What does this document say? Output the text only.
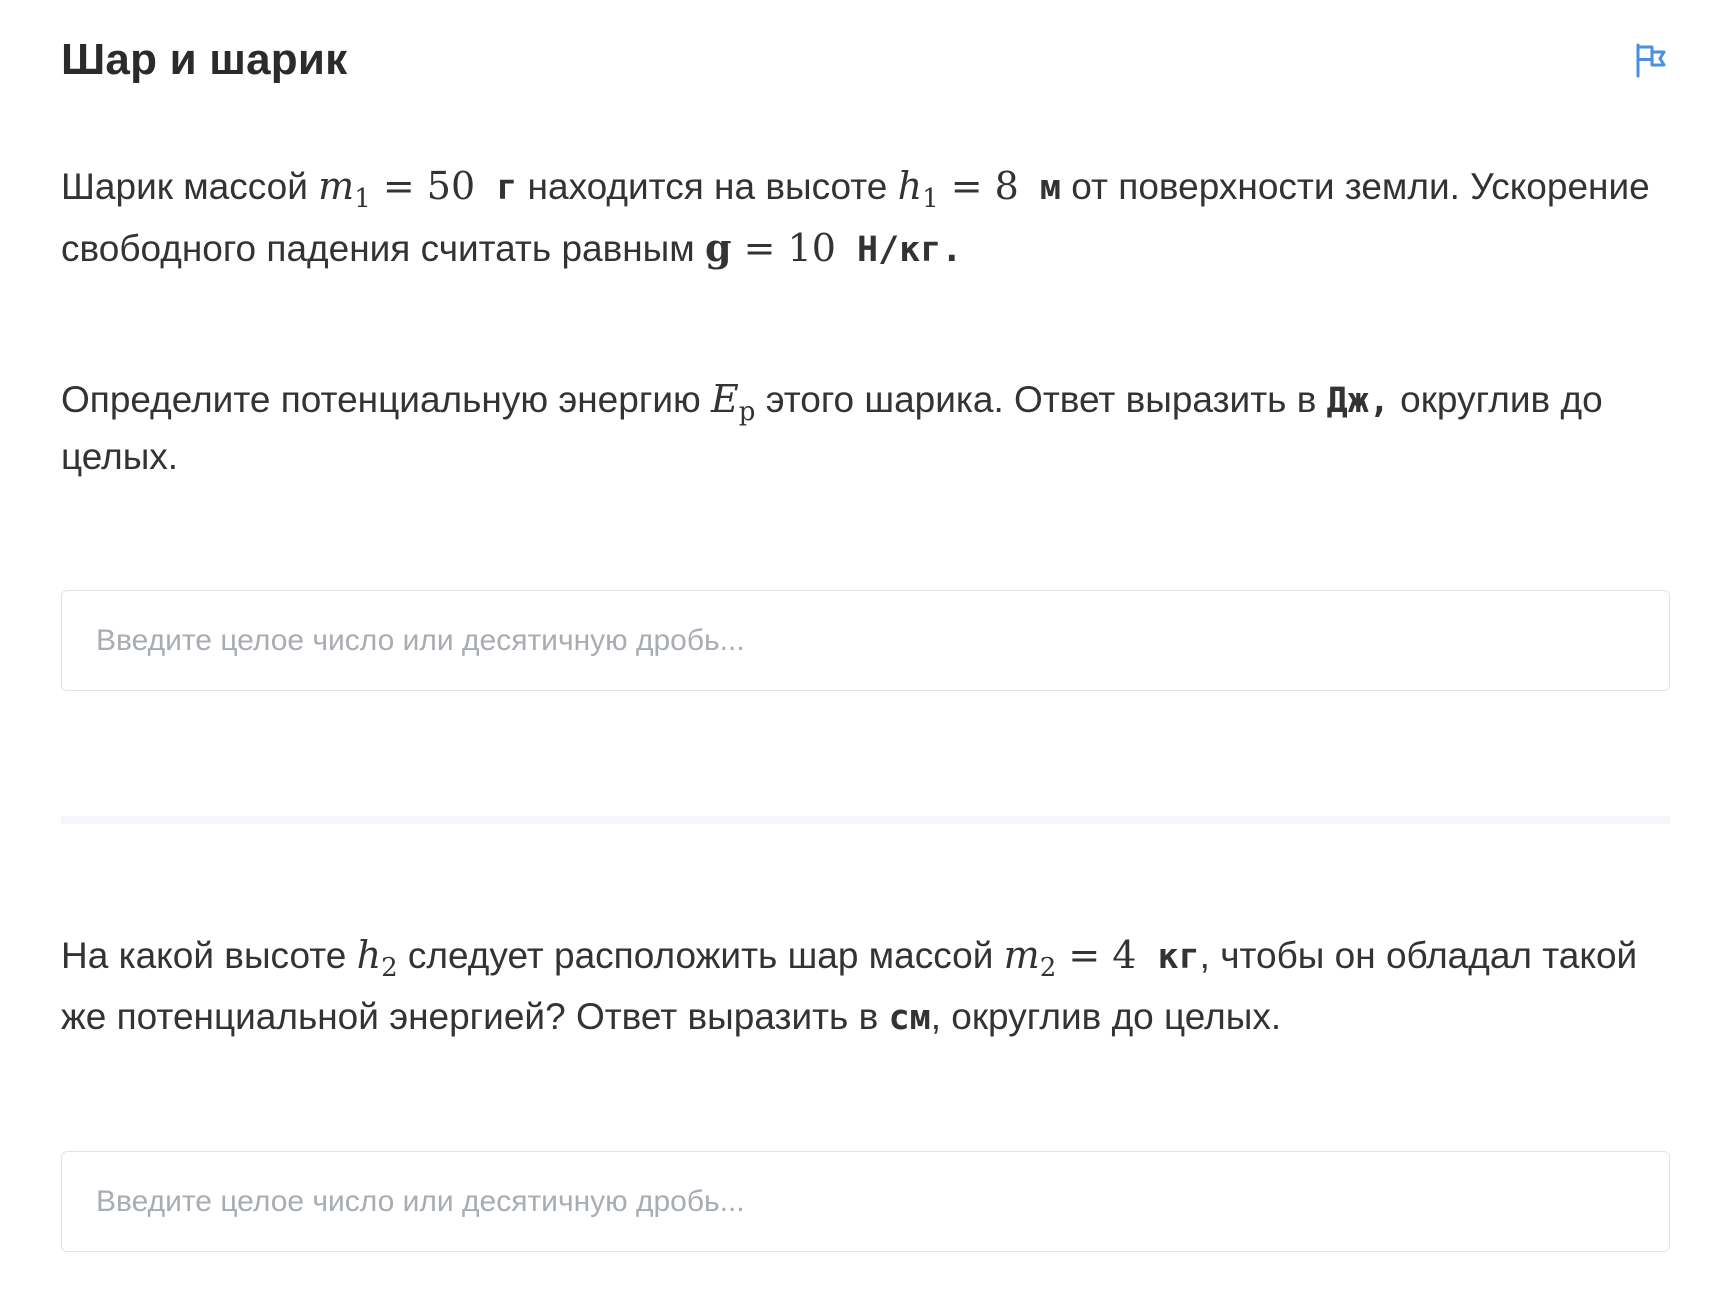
Шар и шарик

Шарик массой $m_1 = 50$ г находится на высоте $h_1 = 8$ м от поверхности земли. Ускорение свободного падения считать равным g = 10 Н/кг.

Определите потенциальную энергию $E_p$ этого шарика. Ответ выразить в Дж, округлив до целых.

Введите целое число или десятичную дробь...

На какой высоте $h_2$ следует расположить шар массой $m_2 = 4$ кг, чтобы он обладал такой же потенциальной энергией? Ответ выразить в см, округлив до целых.

Введите целое число или десятичную дробь...
